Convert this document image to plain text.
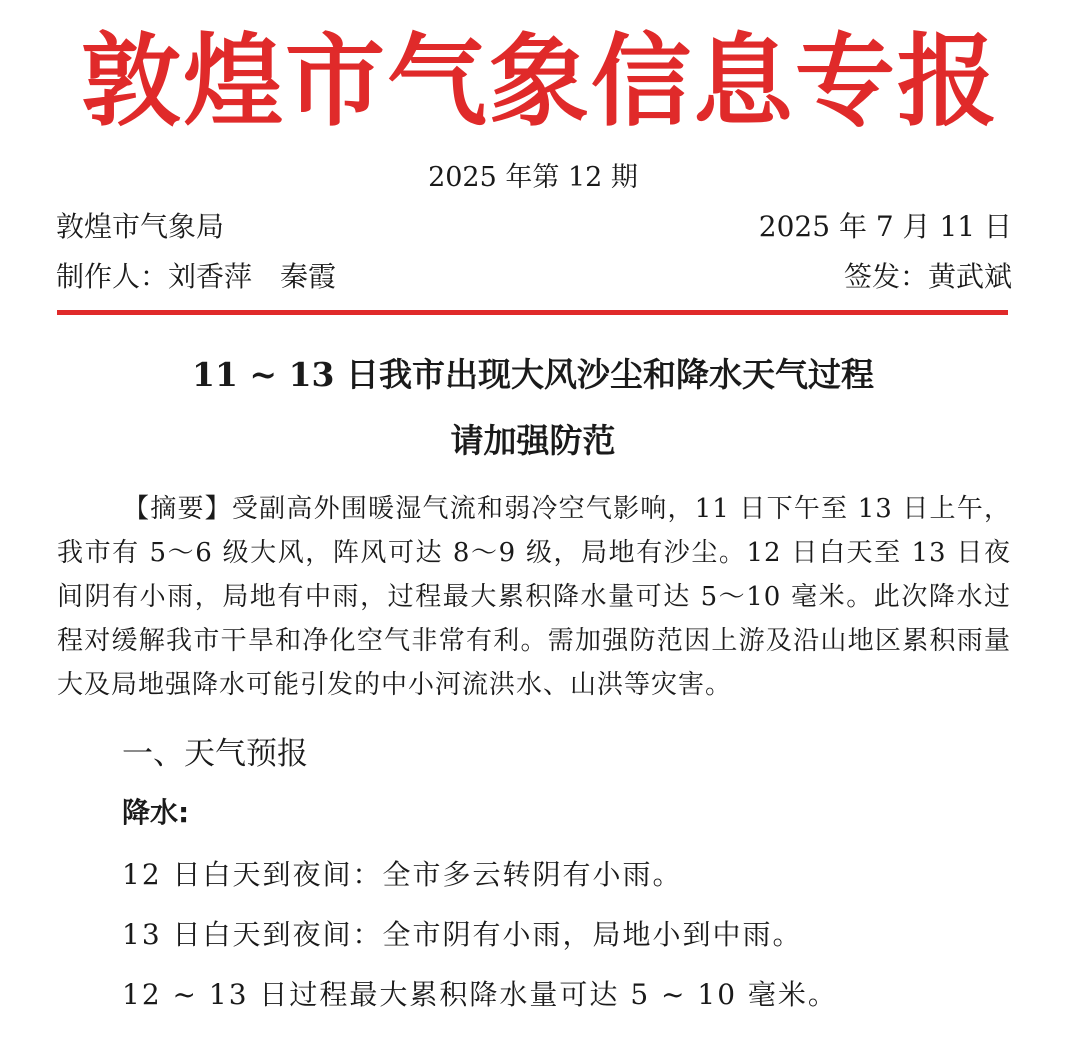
敦煌市气象信息专报
2025 年第 12 期
敦煌市气象局	2025 年 7 月 11 日
制作人：刘香萍 秦霞	签发：黄武斌
11 ~ 13 日我市出现大风沙尘和降水天气过程
请加强防范

【摘要】受副高外围暖湿气流和弱冷空气影响，11 日下午至 13 日上午，我市有 5～6 级大风，阵风可达 8～9 级，局地有沙尘。12 日白天至 13 日夜间阴有小雨，局地有中雨，过程最大累积降水量可达 5～10 毫米。此次降水过程对缓解我市干旱和净化空气非常有利。需加强防范因上游及沿山地区累积雨量大及局地强降水可能引发的中小河流洪水、山洪等灾害。

一、天气预报
降水:
12 日白天到夜间：全市多云转阴有小雨。
13 日白天到夜间：全市阴有小雨，局地小到中雨。
12 ~ 13 日过程最大累积降水量可达 5 ~ 10 毫米。
